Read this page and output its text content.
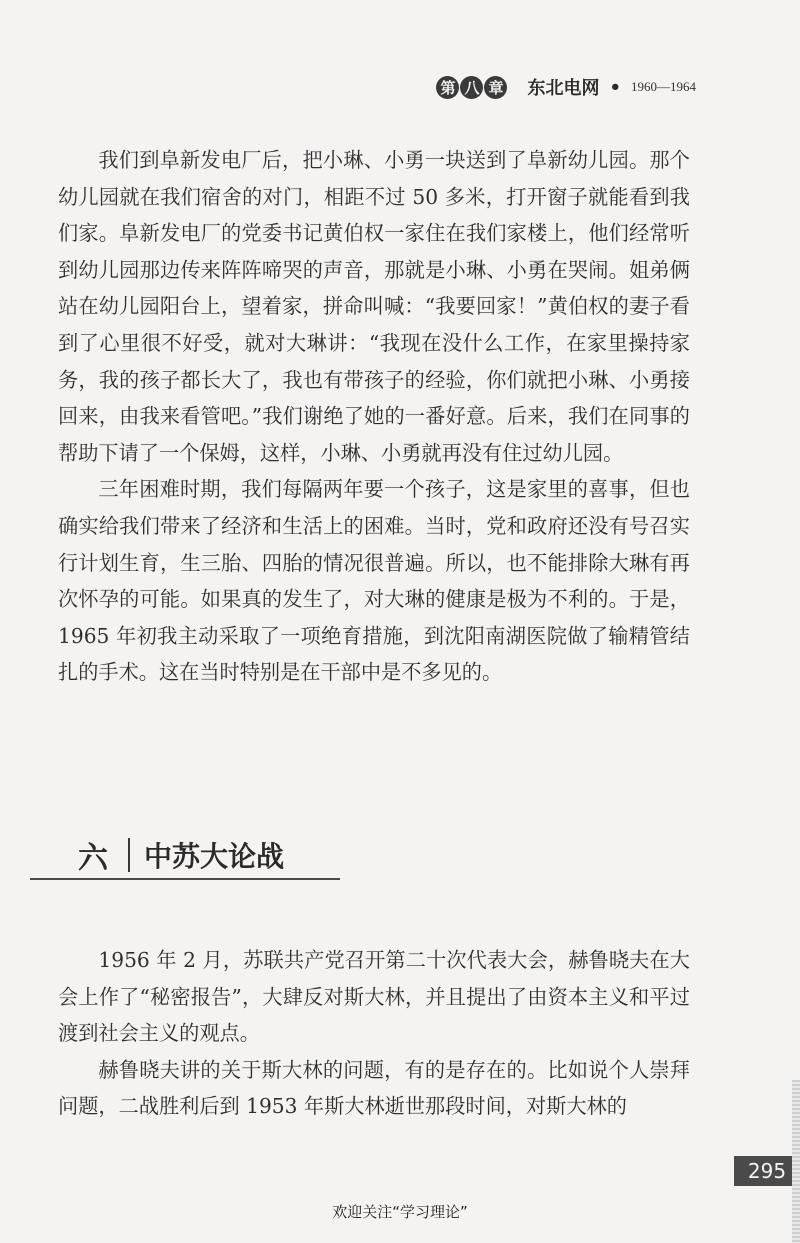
第 八 章 东北电网 • 1960—1964

我们到阜新发电厂后，把小琳、小勇一块送到了阜新幼儿园。那个幼儿园就在我们宿舍的对门，相距不过 50 多米，打开窗子就能看到我们家。阜新发电厂的党委书记黄伯权一家住在我们家楼上，他们经常听到幼儿园那边传来阵阵啼哭的声音，那就是小琳、小勇在哭闹。姐弟俩站在幼儿园阳台上，望着家，拼命叫喊：“我要回家！”黄伯权的妻子看到了心里很不好受，就对大琳讲：“我现在没什么工作，在家里操持家务，我的孩子都长大了，我也有带孩子的经验，你们就把小琳、小勇接回来，由我来看管吧。”我们谢绝了她的一番好意。后来，我们在同事的帮助下请了一个保姆，这样，小琳、小勇就再没有住过幼儿园。

三年困难时期，我们每隔两年要一个孩子，这是家里的喜事，但也确实给我们带来了经济和生活上的困难。当时，党和政府还没有号召实行计划生育，生三胎、四胎的情况很普遍。所以，也不能排除大琳有再次怀孕的可能。如果真的发生了，对大琳的健康是极为不利的。于是，1965 年初我主动采取了一项绝育措施，到沈阳南湖医院做了输精管结扎的手术。这在当时特别是在干部中是不多见的。

六 中苏大论战

1956 年 2 月，苏联共产党召开第二十次代表大会，赫鲁晓夫在大会上作了“秘密报告”，大肆反对斯大林，并且提出了由资本主义和平过渡到社会主义的观点。

赫鲁晓夫讲的关于斯大林的问题，有的是存在的。比如说个人崇拜问题，二战胜利后到 1953 年斯大林逝世那段时间，对斯大林的

295
欢迎关注“学习理论”
